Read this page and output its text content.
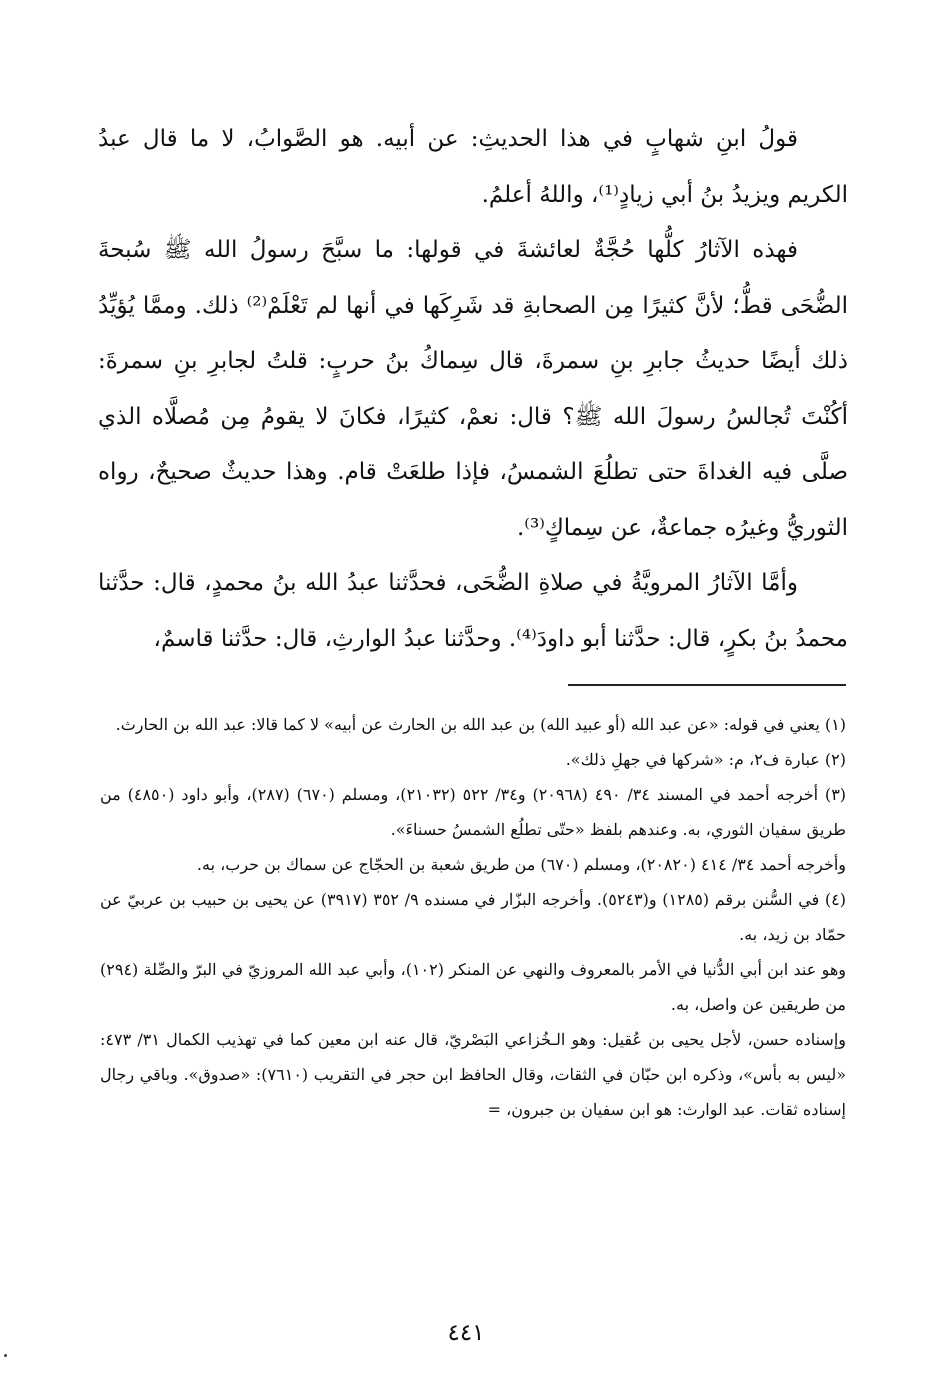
قولُ ابنِ شهابٍ في هذا الحديثِ: عن أبيه. هو الصَّوابُ، لا ما قال عبدُ الكريم ويزيدُ بنُ أبي زيادٍ⁽¹⁾، واللهُ أعلمُ.

فهذه الآثارُ كلُّها حُجَّةٌ لعائشةَ في قولها: ما سبَّحَ رسولُ الله ﷺ سُبحةَ الضُّحَى قطُّ؛ لأنَّ كثيرًا مِن الصحابةِ قد شَرِكَها في أنها لم تَعْلَمْ⁽²⁾ ذلك. وممَّا يُؤيِّدُ ذلك أيضًا حديثُ جابرِ بنِ سمرةَ، قال سِماكُ بنُ حربٍ: قلتُ لجابرِ بنِ سمرةَ: أكُنْتَ تُجالسُ رسولَ الله ﷺ؟ قال: نعمْ، كثيرًا، فكانَ لا يقومُ مِن مُصلَّاه الذي صلَّى فيه الغداةَ حتى تطلُعَ الشمسُ، فإذا طلعَتْ قام. وهذا حديثٌ صحيحٌ، رواه الثوريُّ وغيرُه جماعةٌ، عن سِماكٍ⁽³⁾.

وأمَّا الآثارُ المرويَّةُ في صلاةِ الضُّحَى، فحدَّثنا عبدُ الله بنُ محمدٍ، قال: حدَّثنا محمدُ بنُ بكرٍ، قال: حدَّثنا أبو داودَ⁽⁴⁾. وحدَّثنا عبدُ الوارثِ، قال: حدَّثنا قاسمٌ،

(١) يعني في قوله: «عن عبد الله (أو عبيد الله) بن عبد الله بن الحارث عن أبيه» لا كما قالا: عبد الله بن الحارث.

(٢) عبارة ف٢، م: «شركها في جهلِ ذلك».

(٣) أخرجه أحمد في المسند ٣٤/ ٤٩٠ (٢٠٩٦٨) و٣٤/ ٥٢٢ (٢١٠٣٢)، ومسلم (٦٧٠) (٢٨٧)، وأبو داود (٤٨٥٠) من طريق سفيان الثوري، به. وعندهم بلفظ «حتّى تطلُع الشمسُ حسناءَ».

وأخرجه أحمد ٣٤/ ٤١٤ (٢٠٨٢٠)، ومسلم (٦٧٠) من طريق شعبة بن الحجّاج عن سماك بن حرب، به.

(٤) في السُّنن برقم (١٢٨٥) و(٥٢٤٣). وأخرجه البزّار في مسنده ٩/ ٣٥٢ (٣٩١٧) عن يحيى بن حبيب بن عربيّ عن حمّاد بن زيد، به.

وهو عند ابن أبي الدُّنيا في الأمر بالمعروف والنهي عن المنكر (١٠٢)، وأبي عبد الله المروزيّ في البرّ والصِّلة (٢٩٤) من طريقين عن واصل، به.

وإسناده حسن، لأجل يحيى بن عُقيل: وهو الـخُزاعي البَصْريّ، قال عنه ابن معين كما في تهذيب الكمال ٣١/ ٤٧٣: «ليس به بأس»، وذكره ابن حبّان في الثقات، وقال الحافظ ابن حجر في التقريب (٧٦١٠): «صدوق». وباقي رجال إسناده ثقات. عبد الوارث: هو ابن سفيان بن جبرون، =

٤٤١
